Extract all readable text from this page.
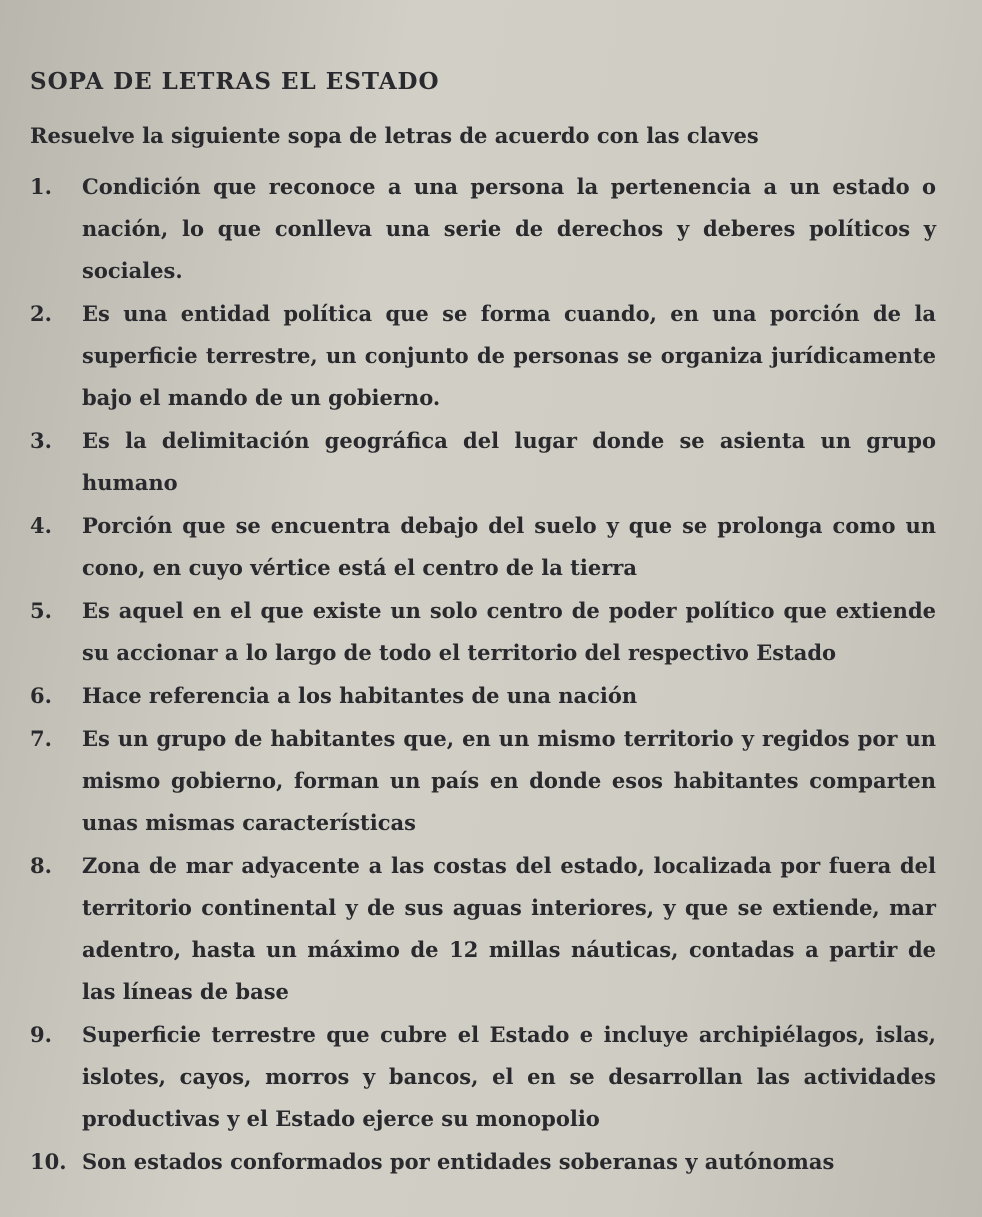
SOPA DE LETRAS EL ESTADO
Resuelve la siguiente sopa de letras de acuerdo con las claves
1.	Condición que reconoce a una persona la pertenencia a un estado o nación, lo que conlleva una serie de derechos y deberes políticos y sociales.
2.	Es una entidad política que se forma cuando, en una porción de la superficie terrestre, un conjunto de personas se organiza jurídicamente bajo el mando de un gobierno.
3.	Es la delimitación geográfica del lugar donde se asienta un grupo humano
4.	Porción que se encuentra debajo del suelo y que se prolonga como un cono, en cuyo vértice está el centro de la tierra
5.	Es aquel en el que existe un solo centro de poder político que extiende su accionar a lo largo de todo el territorio del respectivo Estado
6.	Hace referencia a los habitantes de una nación
7.	Es un grupo de habitantes que, en un mismo territorio y regidos por un mismo gobierno, forman un país en donde esos habitantes comparten unas mismas características
8.	Zona de mar adyacente a las costas del estado, localizada por fuera del territorio continental y de sus aguas interiores, y que se extiende, mar adentro, hasta un máximo de 12 millas náuticas, contadas a partir de las líneas de base
9.	Superficie terrestre que cubre el Estado e incluye archipiélagos, islas, islotes, cayos, morros y bancos, el en se desarrollan las actividades productivas y el Estado ejerce su monopolio
10. Son estados conformados por entidades soberanas y autónomas
